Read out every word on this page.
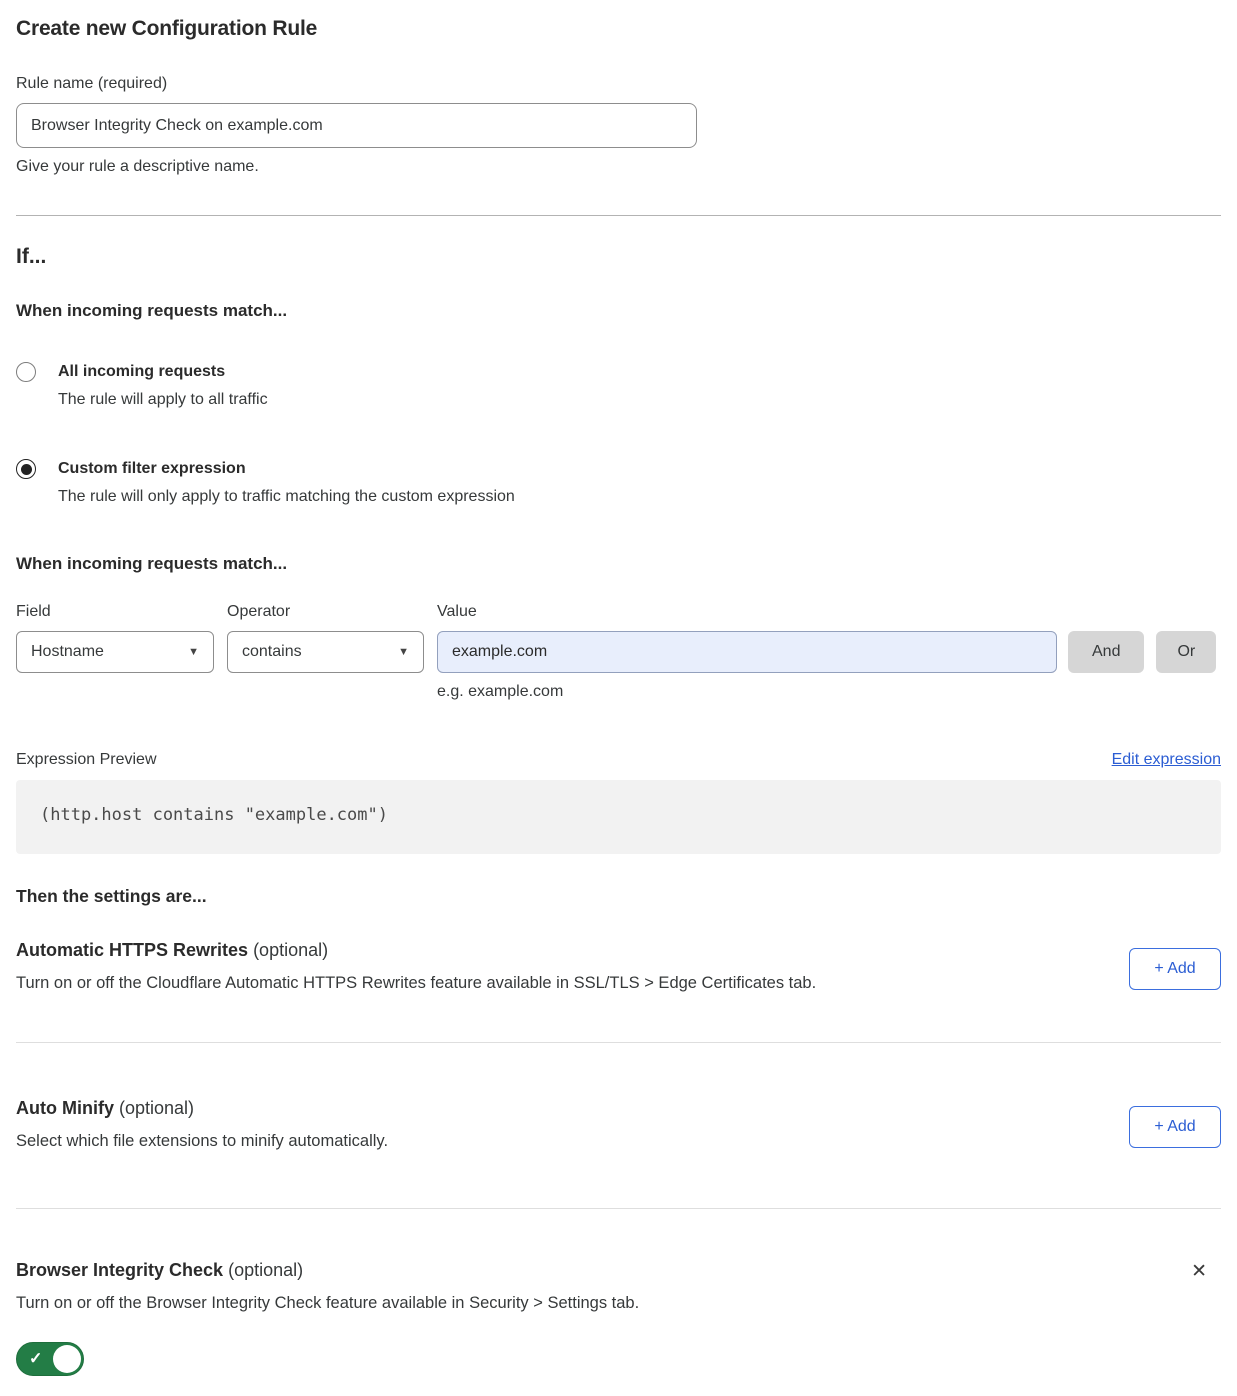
Create new Configuration Rule
Rule name (required)
Browser Integrity Check on example.com
Give your rule a descriptive name.
If...
When incoming requests match...
All incoming requests
The rule will apply to all traffic
Custom filter expression
The rule will only apply to traffic matching the custom expression
When incoming requests match...
Field
Hostname	▼
Operator
contains	▼
Value
example.com
e.g. example.com
And	Or
Expression Preview	Edit expression
(http.host contains "example.com")
Then the settings are...
Automatic HTTPS Rewrites (optional)
Turn on or off the Cloudflare Automatic HTTPS Rewrites feature available in SSL/TLS > Edge Certificates tab.
+ Add
Auto Minify (optional)
Select which file extensions to minify automatically.
+ Add
Browser Integrity Check (optional)	✕
Turn on or off the Browser Integrity Check feature available in Security > Settings tab.
✓
